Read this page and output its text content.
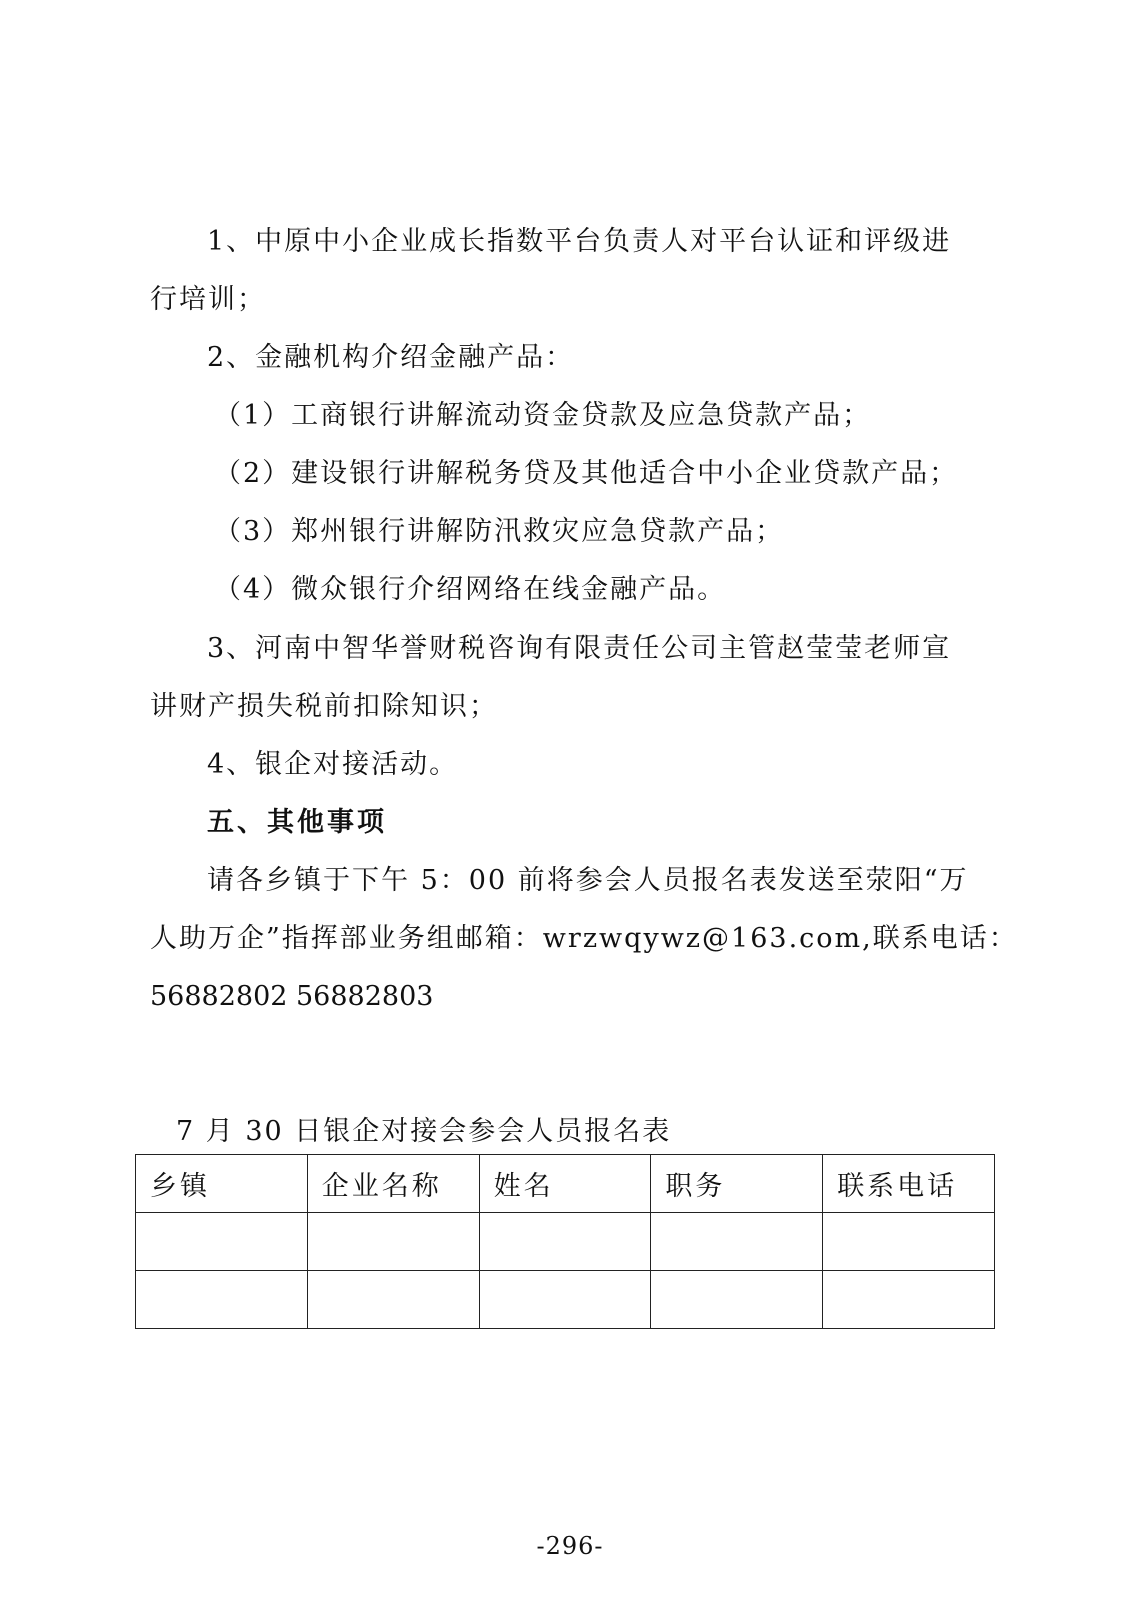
1、中原中小企业成长指数平台负责人对平台认证和评级进
行培训；
2、金融机构介绍金融产品：
（1）工商银行讲解流动资金贷款及应急贷款产品；
（2）建设银行讲解税务贷及其他适合中小企业贷款产品；
（3）郑州银行讲解防汛救灾应急贷款产品；
（4）微众银行介绍网络在线金融产品。
3、河南中智华誉财税咨询有限责任公司主管赵莹莹老师宣
讲财产损失税前扣除知识；
4、银企对接活动。
五、其他事项
请各乡镇于下午 5：00 前将参会人员报名表发送至荥阳“万
人助万企”指挥部业务组邮箱：wrzwqywz@163.com,联系电话：
56882802 56882803
7 月 30 日银企对接会参会人员报名表
乡镇	企业名称	姓名	职务	联系电话

-296-
